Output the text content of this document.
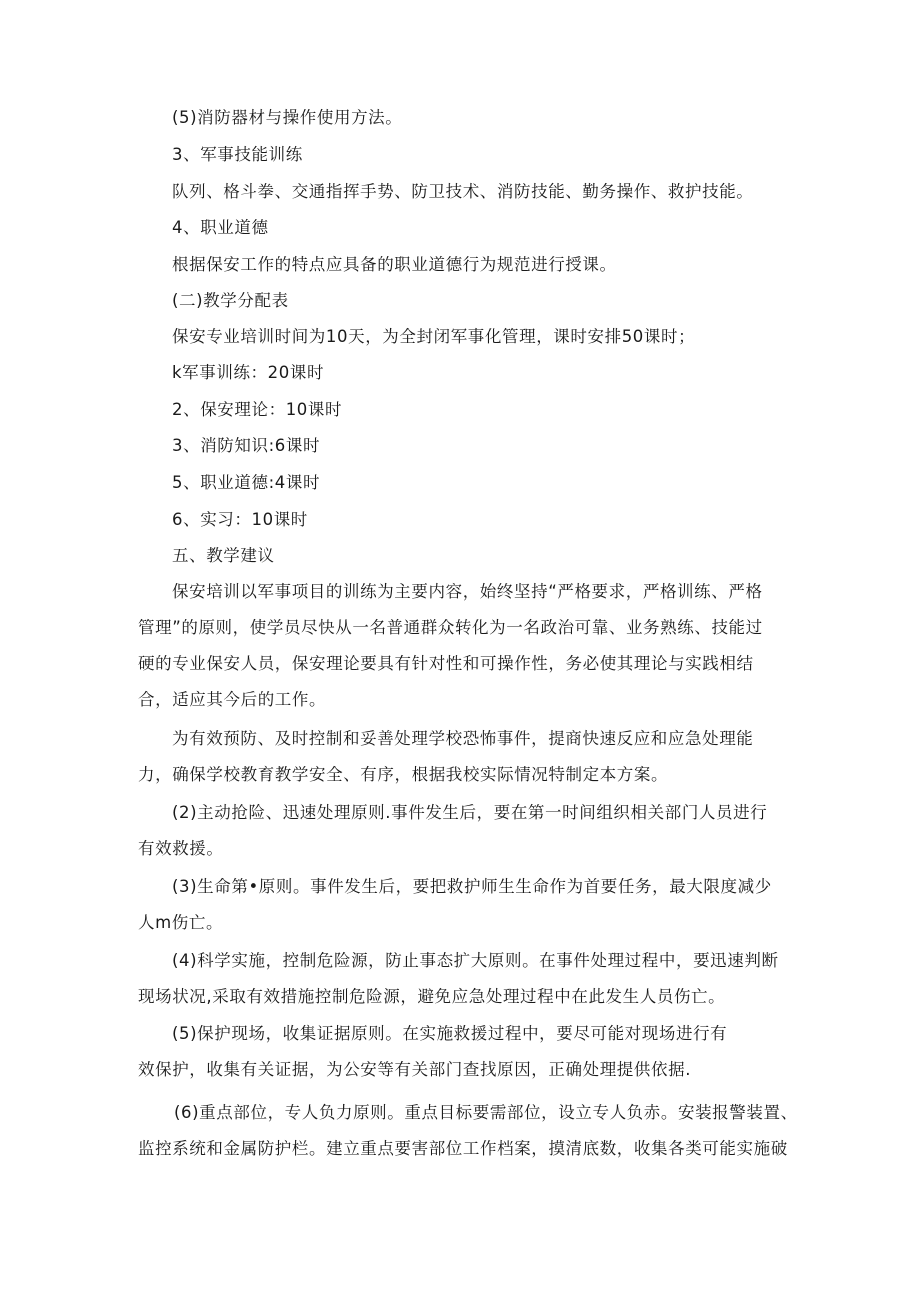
(5)消防器材与操作使用方法。
3、军事技能训练
队列、格斗拳、交通指挥手势、防卫技术、消防技能、勤务操作、救护技能。
4、职业道德
根据保安工作的特点应具备的职业道德行为规范进行授课。
(二)教学分配表
保安专业培训时间为10天，为全封闭军事化管理，课时安排50课时；
k军事训练：20课时
2、保安理论：10课时
3、消防知识:6课时
5、职业道德:4课时
6、实习：10课时
五、教学建议
保安培训以军事项目的训练为主要内容，始终坚持“严格要求，严格训练、严格
管理”的原则，使学员尽快从一名普通群众转化为一名政治可靠、业务熟练、技能过
硬的专业保安人员，保安理论要具有针对性和可操作性，务必使其理论与实践相结
合，适应其今后的工作。
为有效预防、及时控制和妥善处理学校恐怖事件，提商快速反应和应急处理能
力，确保学校教育教学安全、有序，根据我校实际情况特制定本方案。
(2)主动抢险、迅速处理原则.事件发生后，要在第一时间组织相关部门人员进行
有效救援。
(3)生命第•原则。事件发生后，要把救护师生生命作为首要任务，最大限度减少
人m伤亡。
(4)科学实施，控制危险源，防止事态扩大原则。在事件处理过程中，要迅速判断
现场状况,采取有效措施控制危险源，避免应急处理过程中在此发生人员伤亡。
(5)保护现场，收集证据原则。在实施救援过程中，要尽可能对现场进行有
效保护，收集有关证据，为公安等有关部门查找原因，正确处理提供依据.
(6)重点部位，专人负力原则。重点目标要需部位，设立专人负赤。安装报警装置、
监控系统和金属防护栏。建立重点要害部位工作档案，摸清底数，收集各类可能实施破
